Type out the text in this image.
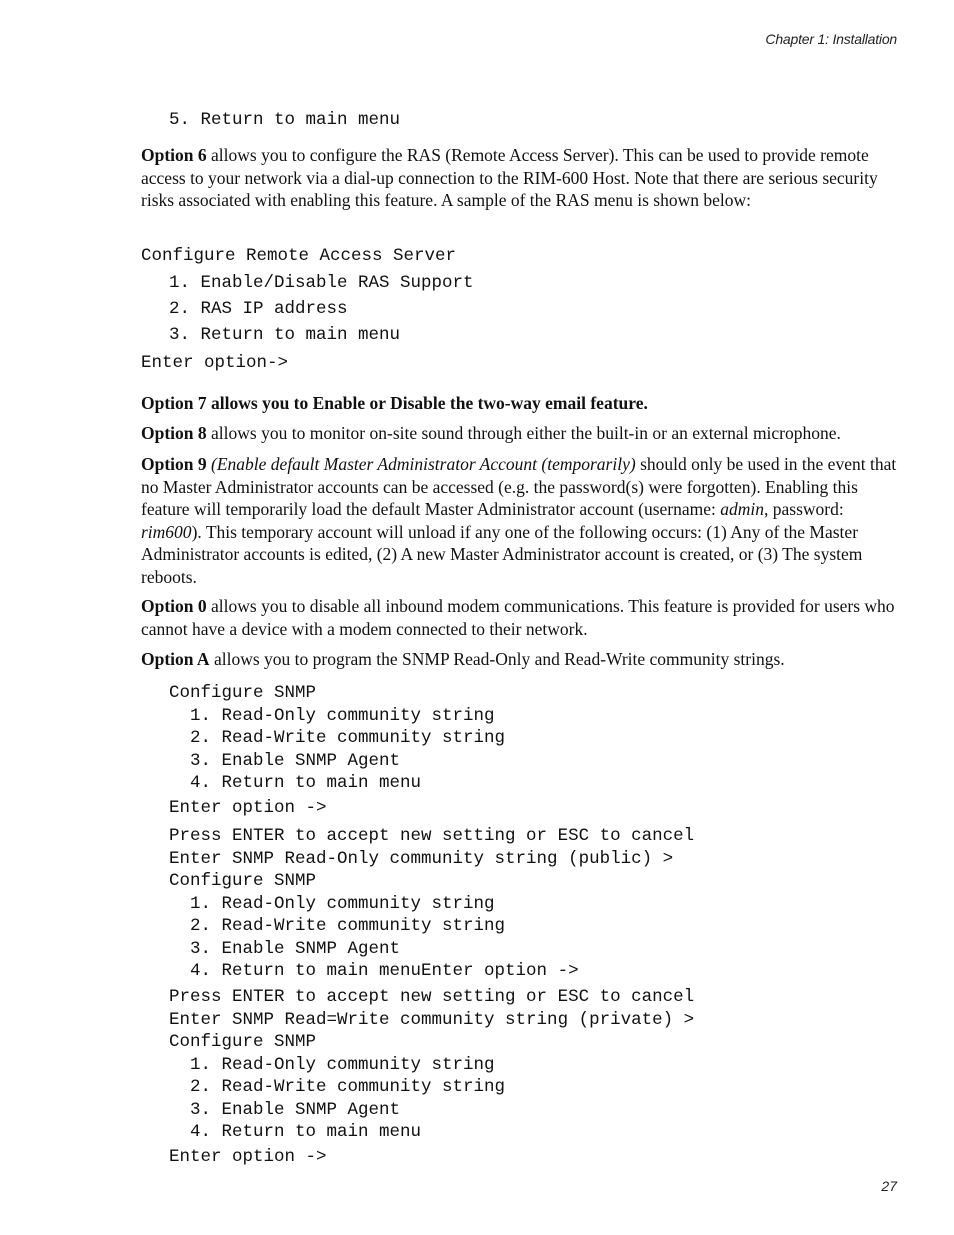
Chapter 1: Installation
5. Return to main menu
Option 6 allows you to configure the RAS (Remote Access Server). This can be used to provide remote access to your network via a dial-up connection to the RIM-600 Host. Note that there are serious security risks associated with enabling this feature. A sample of the RAS menu is shown below:
Configure Remote Access Server
1. Enable/Disable RAS Support
2. RAS IP address
3. Return to main menu
Enter option->
Option 7 allows you to Enable or Disable the two-way email feature.
Option 8 allows you to monitor on-site sound through either the built-in or an external microphone.
Option 9 (Enable default Master Administrator Account (temporarily) should only be used in the event that no Master Administrator accounts can be accessed (e.g. the password(s) were forgotten). Enabling this feature will temporarily load the default Master Administrator account (username: admin, password: rim600). This temporary account will unload if any one of the following occurs: (1) Any of the Master Administrator accounts is edited, (2) A new Master Administrator account is created, or (3) The system reboots.
Option 0 allows you to disable all inbound modem communications. This feature is provided for users who cannot have a device with a modem connected to their network.
Option A allows you to program the SNMP Read-Only and Read-Write community strings.
Configure SNMP
1. Read-Only community string
2. Read-Write community string
3. Enable SNMP Agent
4. Return to main menu
Enter option ->
Press ENTER to accept new setting or ESC to cancel
Enter SNMP Read-Only community string (public) >
Configure SNMP
1. Read-Only community string
2. Read-Write community string
3. Enable SNMP Agent
4. Return to main menuEnter option ->
Press ENTER to accept new setting or ESC to cancel
Enter SNMP Read=Write community string (private) >
Configure SNMP
1. Read-Only community string
2. Read-Write community string
3. Enable SNMP Agent
4. Return to main menu
Enter option ->
27
